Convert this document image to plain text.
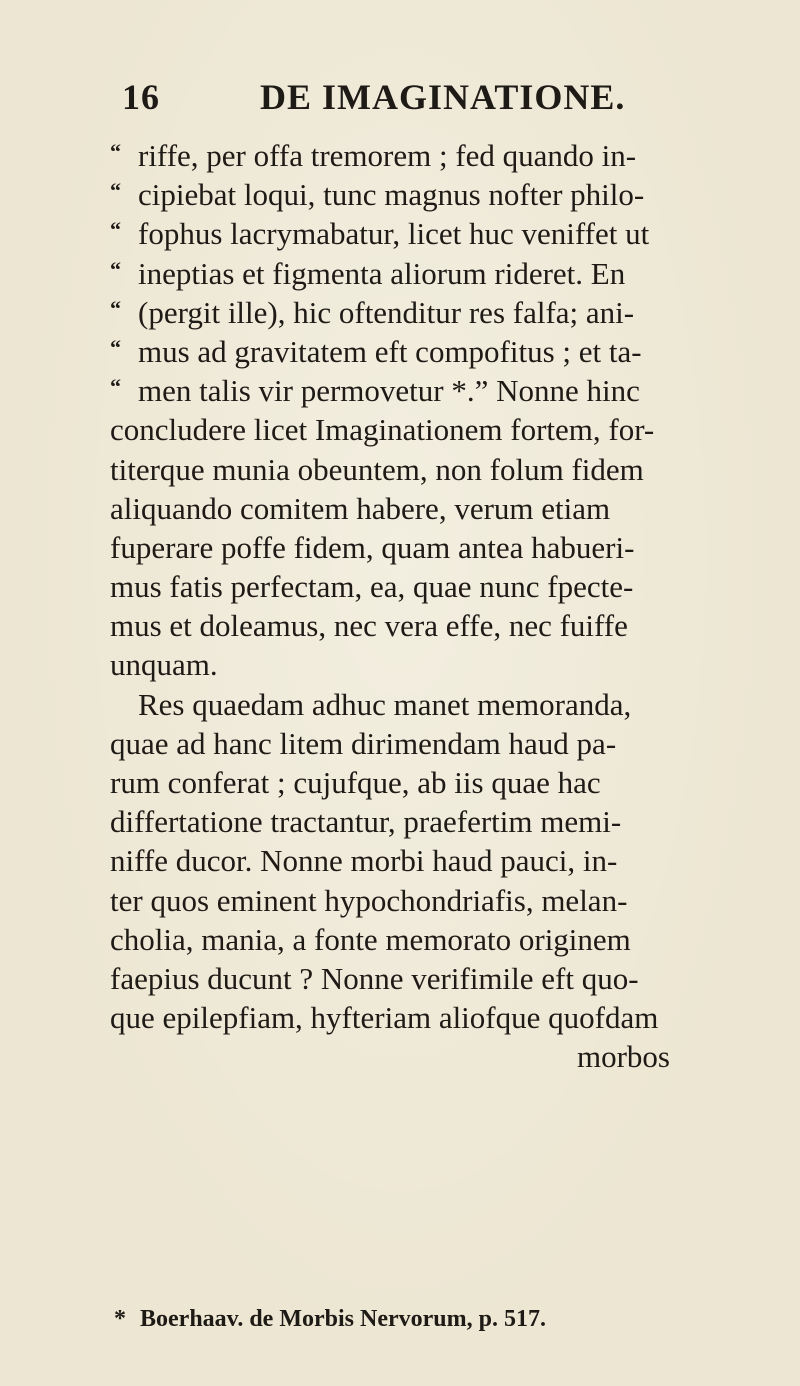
16	DE IMAGINATIONE.
“ riffe, per offa tremorem ; fed quando in-
“ cipiebat loqui, tunc magnus nofter philo-
“ fophus lacrymabatur, licet huc veniffet ut
“ ineptias et figmenta aliorum rideret. En
“ (pergit ille), hic oftenditur res falfa; ani-
“ mus ad gravitatem eft compofitus ; et ta-
“ men talis vir permovetur *.” Nonne hinc
concludere licet Imaginationem fortem, for-
titerque munia obeuntem, non folum fidem
aliquando comitem habere, verum etiam
fuperare poffe fidem, quam antea habueri-
mus fatis perfectam, ea, quae nunc fpecte-
mus et doleamus, nec vera effe, nec fuiffe
unquam.
Res quaedam adhuc manet memoranda,
quae ad hanc litem dirimendam haud pa-
rum conferat ; cujufque, ab iis quae hac
differtatione tractantur, praefertim memi-
niffe ducor. Nonne morbi haud pauci, in-
ter quos eminent hypochondriafis, melan-
cholia, mania, a fonte memorato originem
faepius ducunt ? Nonne verifimile eft quo-
que epilepfiam, hyfteriam aliofque quofdam
morbos
* Boerhaav. de Morbis Nervorum, p. 517.
